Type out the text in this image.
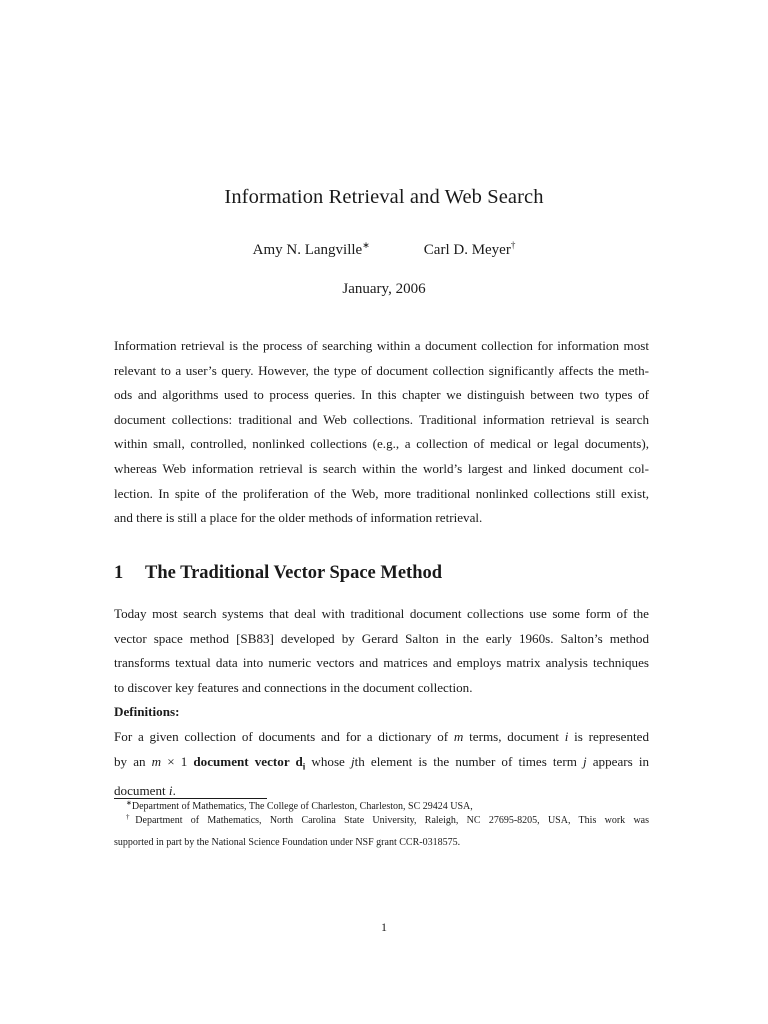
Information Retrieval and Web Search
Amy N. Langville∗	Carl D. Meyer†
January, 2006
Information retrieval is the process of searching within a document collection for information most
relevant to a user’s query. However, the type of document collection significantly affects the meth-
ods and algorithms used to process queries. In this chapter we distinguish between two types of
document collections: traditional and Web collections. Traditional information retrieval is search
within small, controlled, nonlinked collections (e.g., a collection of medical or legal documents),
whereas Web information retrieval is search within the world’s largest and linked document col-
lection. In spite of the proliferation of the Web, more traditional nonlinked collections still exist,
and there is still a place for the older methods of information retrieval.
1 The Traditional Vector Space Method
Today most search systems that deal with traditional document collections use some form of the
vector space method [SB83] developed by Gerard Salton in the early 1960s. Salton’s method
transforms textual data into numeric vectors and matrices and employs matrix analysis techniques
to discover key features and connections in the document collection.
Definitions:
For a given collection of documents and for a dictionary of m terms, document i is represented
by an m × 1 document vector $d_i$ whose jth element is the number of times term j appears in
document i.
∗Department of Mathematics, The College of Charleston, Charleston, SC 29424 USA,
†Department of Mathematics, North Carolina State University, Raleigh, NC 27695-8205, USA, This work was
supported in part by the National Science Foundation under NSF grant CCR-0318575.
1
